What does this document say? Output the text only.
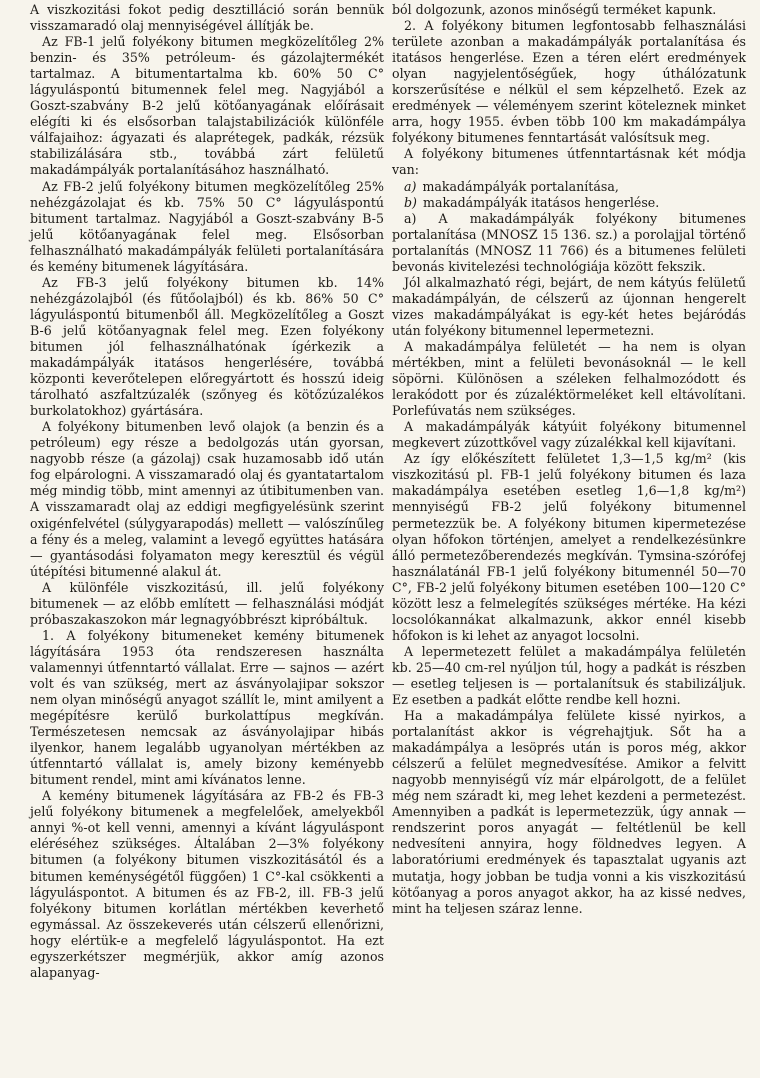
A viszkozitási fokot pedig desztilláció során bennük visszamaradó olaj mennyiségével állítják be.

Az FB-1 jelű folyékony bitumen megközelítőleg 2% benzin- és 35% petróleum- és gázolajtermékét tartalmaz. A bitumentartalma kb. 60% 50 C° lágyuláspontú bitumennek felel meg. Nagyjából a Goszt-szabvány B-2 jelű kötőanyagának előírásait elégíti ki és elsősorban talajstabilizációk különféle válfajaihoz: ágyazati és alaprétegek, padkák, rézsük stabilizálására stb., továbbá zárt felületű makadámpályák portalanításához használható.

Az FB-2 jelű folyékony bitumen megközelítőleg 25% nehézgázolajat és kb. 75% 50 C° lágyuláspontú bitument tartalmaz. Nagyjából a Goszt-szabvány B-5 jelű kötőanyagának felel meg. Elsősorban felhasználható makadámpályák felületi portalanítására és kemény bitumenek lágyítására.

Az FB-3 jelű folyékony bitumen kb. 14% nehézgázolajból (és fűtőolajból) és kb. 86% 50 C° lágyuláspontú bitumenből áll. Megközelítőleg a Goszt B-6 jelű kötőanyagnak felel meg. Ezen folyékony bitumen jól felhasználhatónak ígérkezik a makadámpályák itatásos hengerlésére, továbbá központi keverőtelepen előregyártott és hosszú ideig tárolható aszfaltzúzalék (szőnyeg és kötőzúzalékos burkolatokhoz) gyártására.

A folyékony bitumenben levő olajok (a benzin és a petróleum) egy része a bedolgozás után gyorsan, nagyobb része (a gázolaj) csak huzamosabb idő után fog elpárologni. A visszamaradó olaj és gyantatartalom még mindig több, mint amennyi az útibitumenben van. A visszamaradt olaj az eddigi megfigyelésünk szerint oxigénfelvétel (súlygyarapodás) mellett — valószínűleg a fény és a meleg, valamint a levegő együttes hatására — gyantásodási folyamaton megy keresztül és végül útépítési bitumenné alakul át.

A különféle viszkozitású, ill. jelű folyékony bitumenek — az előbb említett — felhasználási módját próbaszakaszokon már legnagyóbbrészt kipróbáltuk.

1. A folyékony bitumeneket kemény bitumenek lágyítására 1953 óta rendszeresen használta valamennyi útfenntartó vállalat. Erre — sajnos — azért volt és van szükség, mert az ásványolajipar sokszor nem olyan minőségű anyagot szállít le, mint amilyent a megépítésre kerülő burkolattípus megkíván. Természetesen nemcsak az ásványolajipar hibás ilyenkor, hanem legalább ugyanolyan mértékben az útfenntartó vállalat is, amely bizony keményebb bitument rendel, mint ami kívánatos lenne.

A kemény bitumenek lágyítására az FB-2 és FB-3 jelű folyékony bitumenek a megfelelőek, amelyekből annyi %-ot kell venni, amennyi a kívánt lágyuláspont eléréséhez szükséges. Általában 2—3% folyékony bitumen (a folyékony bitumen viszkozitásától és a bitumen keménységétől függően) 1 C°-kal csökkenti a lágyuláspontot. A bitumen és az FB-2, ill. FB-3 jelű folyékony bitumen korlátlan mértékben keverhető egymással. Az összekeverés után célszerű ellenőrizni, hogy elértük-e a megfelelő lágyuláspontot. Ha ezt egyszerkétszer megmérjük, akkor amíg azonos alapanyag-

ból dolgozunk, azonos minőségű terméket kapunk.

2. A folyékony bitumen legfontosabb felhasználási területe azonban a makadámpályák portalanítása és itatásos hengerlése. Ezen a téren elért eredmények olyan nagyjelentőségűek, hogy úthálózatunk korszerűsítése e nélkül el sem képzelhető. Ezek az eredmények — véleményem szerint köteleznek minket arra, hogy 1955. évben több 100 km makadámpálya folyékony bitumenes fenntartását valósítsuk meg.

A folyékony bitumenes útfenntartásnak két módja van:

a) makadámpályák portalanítása,

b) makadámpályák itatásos hengerlése.

a) A makadámpályák folyékony bitumenes portalanítása (MNOSZ 15 136. sz.) a porolajjal történő portalanítás (MNOSZ 11 766) és a bitumenes felületi bevonás kivitelezési technológiája között fekszik.

Jól alkalmazható régi, bejárt, de nem kátyús felületű makadámpályán, de célszerű az újonnan hengerelt vizes makadámpályákat is egy-két hetes bejáródás után folyékony bitumennel lepermetezni.

A makadámpálya felületét — ha nem is olyan mértékben, mint a felületi bevonásoknál — le kell söpörni. Különösen a széleken felhalmozódott és lerakódott por és zúzaléktörmeléket kell eltávolítani. Porlefúvatás nem szükséges.

A makadámpályák kátyúit folyékony bitumennel megkevert zúzottkővel vagy zúzalékkal kell kijavítani.

Az így előkészített felületet 1,3—1,5 kg/m² (kis viszkozitású pl. FB-1 jelű folyékony bitumen és laza makadámpálya esetében esetleg 1,6—1,8 kg/m²) mennyiségű FB-2 jelű folyékony bitumennel permetezzük be. A folyékony bitumen kipermetezése olyan hőfokon történjen, amelyet a rendelkezésünkre álló permetezőberendezés megkíván. Tymsina-szórófej használatánál FB-1 jelű folyékony bitumennél 50—70 C°, FB-2 jelű folyékony bitumen esetében 100—120 C° között lesz a felmelegítés szükséges mértéke. Ha kézi locsolókannákat alkalmazunk, akkor ennél kisebb hőfokon is ki lehet az anyagot locsolni.

A lepermetezett felület a makadámpálya felületén kb. 25—40 cm-rel nyúljon túl, hogy a padkát is részben — esetleg teljesen is — portalanítsuk és stabilizáljuk. Ez esetben a padkát előtte rendbe kell hozni.

Ha a makadámpálya felülete kissé nyirkos, a portalanítást akkor is végrehajtjuk. Sőt ha a makadámpálya a lesöprés után is poros még, akkor célszerű a felület megnedvesítése. Amikor a felvitt nagyobb mennyiségű víz már elpárolgott, de a felület még nem száradt ki, meg lehet kezdeni a permetezést. Amennyiben a padkát is lepermetezzük, úgy annak — rendszerint poros anyagát — feltétlenül be kell nedvesíteni annyira, hogy földnedves legyen. A laboratóriumi eredmények és tapasztalat ugyanis azt mutatja, hogy jobban be tudja vonni a kis viszkozitású kötőanyag a poros anyagot akkor, ha az kissé nedves, mint ha teljesen száraz lenne.
